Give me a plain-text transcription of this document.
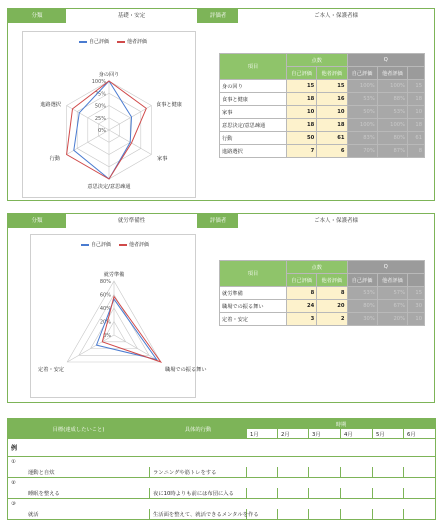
分類	基礎・安定	評価者	ご本人・保護者様
自己評価	他者評価
0%
25%
50%
75%
100%
身の回り
食事と健康
家事
意思決定/意思疎通
行動
進路選択
項目	点数		Q		
	自己評価	他者評価	自己評価	他者評価	
身の回り	15	15	100%	100%	15
食事と健康	18	16	53%	88%	18
家事	10	10	50%	53%	10
意思決定/意思疎通	18	18	100%	100%	18
行動	50	61	83%	80%	61
進路選択	7	6	70%	87%	8
分類	就労準備性	評価者	ご本人・保護者様
自己評価	他者評価
0%
20%
40%
60%
80%
就労準備
職場での振る舞い
定着・安定
項目	点数		Q		
	自己評価	他者評価	自己評価	他者評価	
就労準備	8	8	53%	57%	15
職場での振る舞い	24	20	80%	67%	30
定着・安定	3	2	30%	20%	10
目標(達成したいこと)	具体的行動	時期					
		1月	2月	3月	4月	5月	6月
例							
①							
運動と自炊	ランニングや筋トレをする						
②							
睡眠を整える	夜に10時よりも前には布団に入る						
③							
就活	生活面を整えて、就活できるメンタルを作る						
